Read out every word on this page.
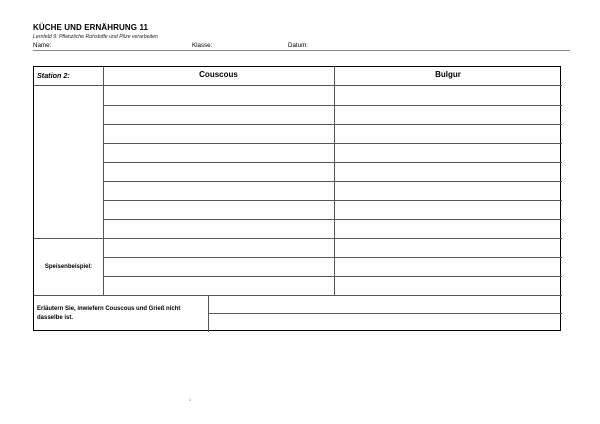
KÜCHE UND ERNÄHRUNG 11
Lernfeld 9: Pflanzliche Rohstoffe und Pilze verarbeiten
Name:	Klasse:	Datum:
Station 2:	Couscous	Bulgur
Speisenbeispiel:
Erläutern Sie, inwiefern Couscous und Grieß nicht dasselbe ist.
1
